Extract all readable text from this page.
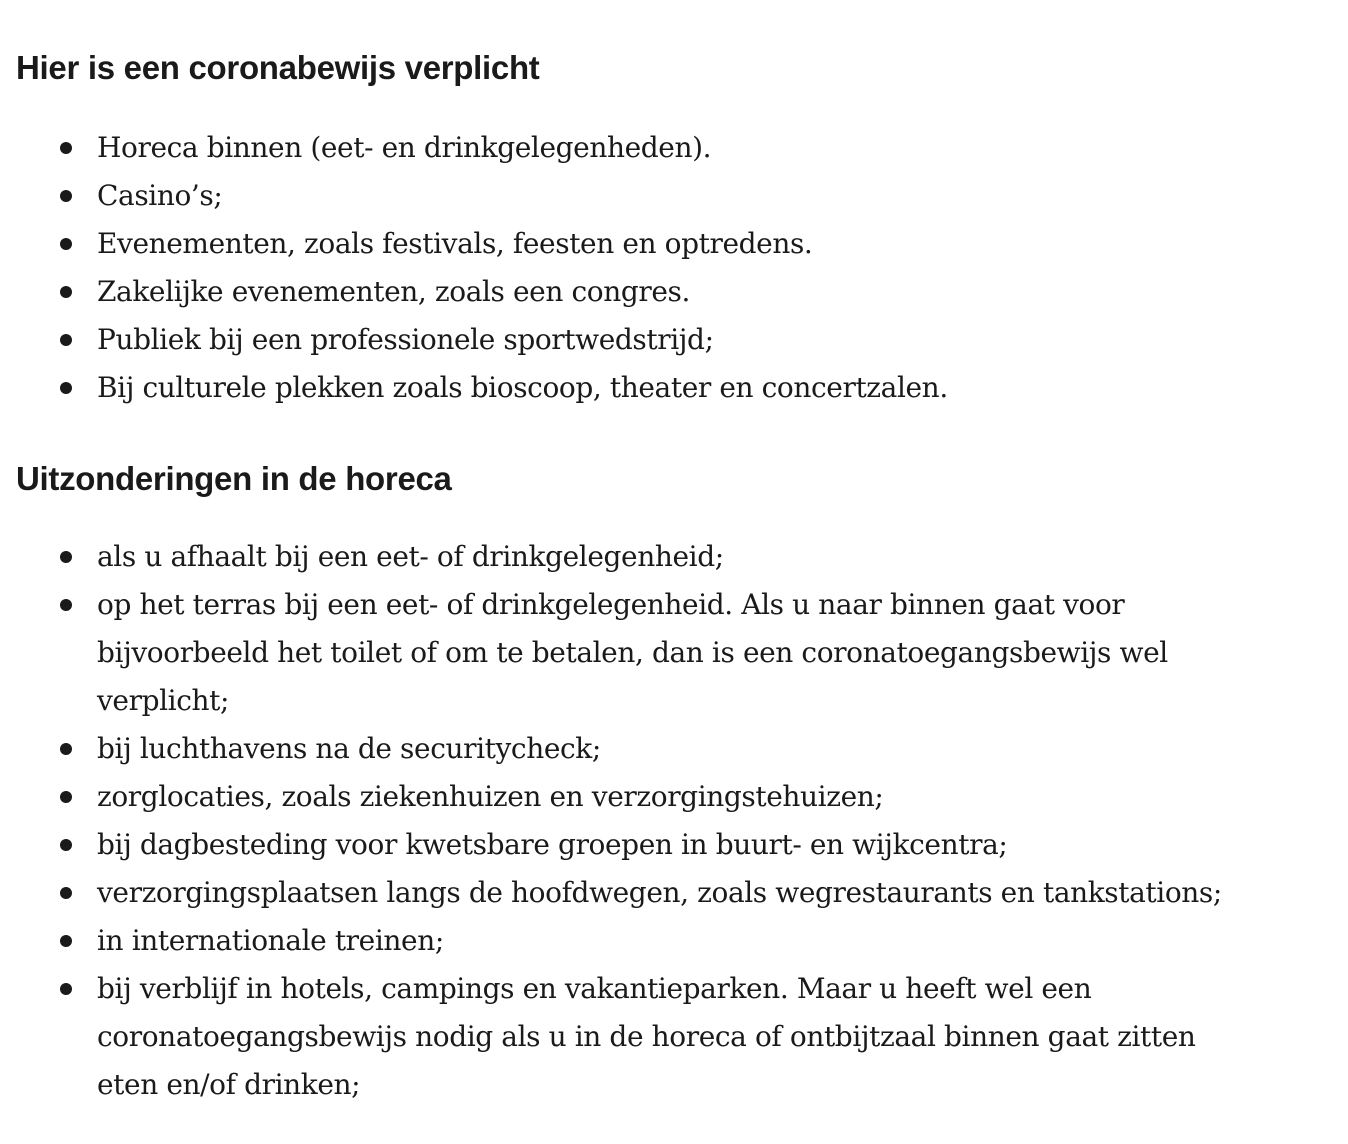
Hier is een coronabewijs verplicht
Horeca binnen (eet- en drinkgelegenheden).
Casino’s;
Evenementen, zoals festivals, feesten en optredens.
Zakelijke evenementen, zoals een congres.
Publiek bij een professionele sportwedstrijd;
Bij culturele plekken zoals bioscoop, theater en concertzalen.
Uitzonderingen in de horeca
als u afhaalt bij een eet- of drinkgelegenheid;
op het terras bij een eet- of drinkgelegenheid. Als u naar binnen gaat voor bijvoorbeeld het toilet of om te betalen, dan is een coronatoegangsbewijs wel verplicht;
bij luchthavens na de securitycheck;
zorglocaties, zoals ziekenhuizen en verzorgingstehuizen;
bij dagbesteding voor kwetsbare groepen in buurt- en wijkcentra;
verzorgingsplaatsen langs de hoofdwegen, zoals wegrestaurants en tankstations;
in internationale treinen;
bij verblijf in hotels, campings en vakantieparken. Maar u heeft wel een coronatoegangsbewijs nodig als u in de horeca of ontbijtzaal binnen gaat zitten eten en/of drinken;
